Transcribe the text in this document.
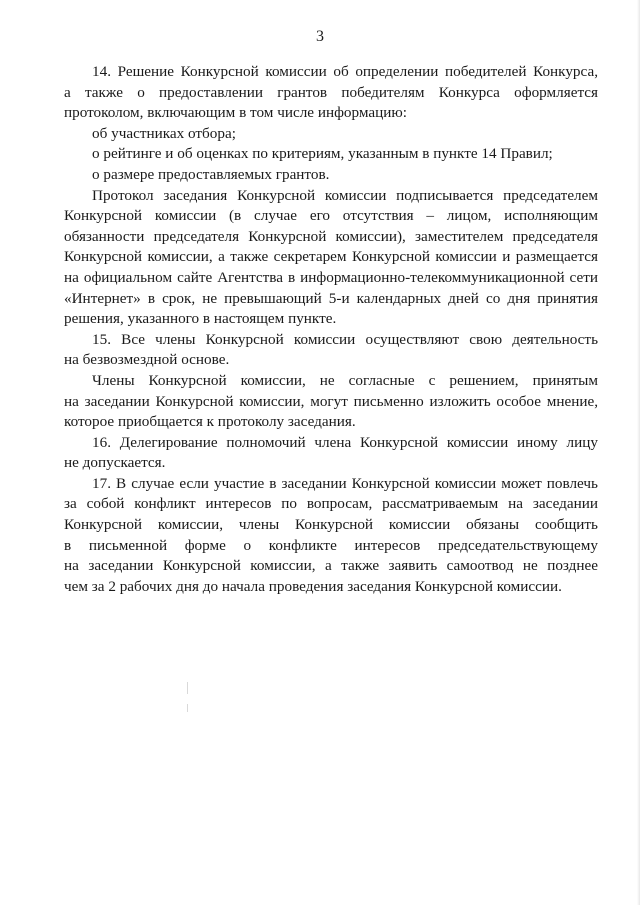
3
14. Решение Конкурсной комиссии об определении победителей Конкурса,
а также о предоставлении грантов победителям Конкурса оформляется
протоколом, включающим в том числе информацию:
об участниках отбора;
о рейтинге и об оценках по критериям, указанным в пункте 14 Правил;
о размере предоставляемых грантов.
Протокол заседания Конкурсной комиссии подписывается председателем
Конкурсной комиссии (в случае его отсутствия – лицом, исполняющим
обязанности председателя Конкурсной комиссии), заместителем председателя
Конкурсной комиссии, а также секретарем Конкурсной комиссии и размещается
на официальном сайте Агентства в информационно-телекоммуникационной сети
«Интернет» в срок, не превышающий 5-и календарных дней со дня принятия
решения, указанного в настоящем пункте.
15. Все члены Конкурсной комиссии осуществляют свою деятельность
на безвозмездной основе.
Члены Конкурсной комиссии, не согласные с решением, принятым
на заседании Конкурсной комиссии, могут письменно изложить особое мнение,
которое приобщается к протоколу заседания.
16. Делегирование полномочий члена Конкурсной комиссии иному лицу
не допускается.
17. В случае если участие в заседании Конкурсной комиссии может повлечь
за собой конфликт интересов по вопросам, рассматриваемым на заседании
Конкурсной комиссии, члены Конкурсной комиссии обязаны сообщить
в письменной форме о конфликте интересов председательствующему
на заседании Конкурсной комиссии, а также заявить самоотвод не позднее
чем за 2 рабочих дня до начала проведения заседания Конкурсной комиссии.
